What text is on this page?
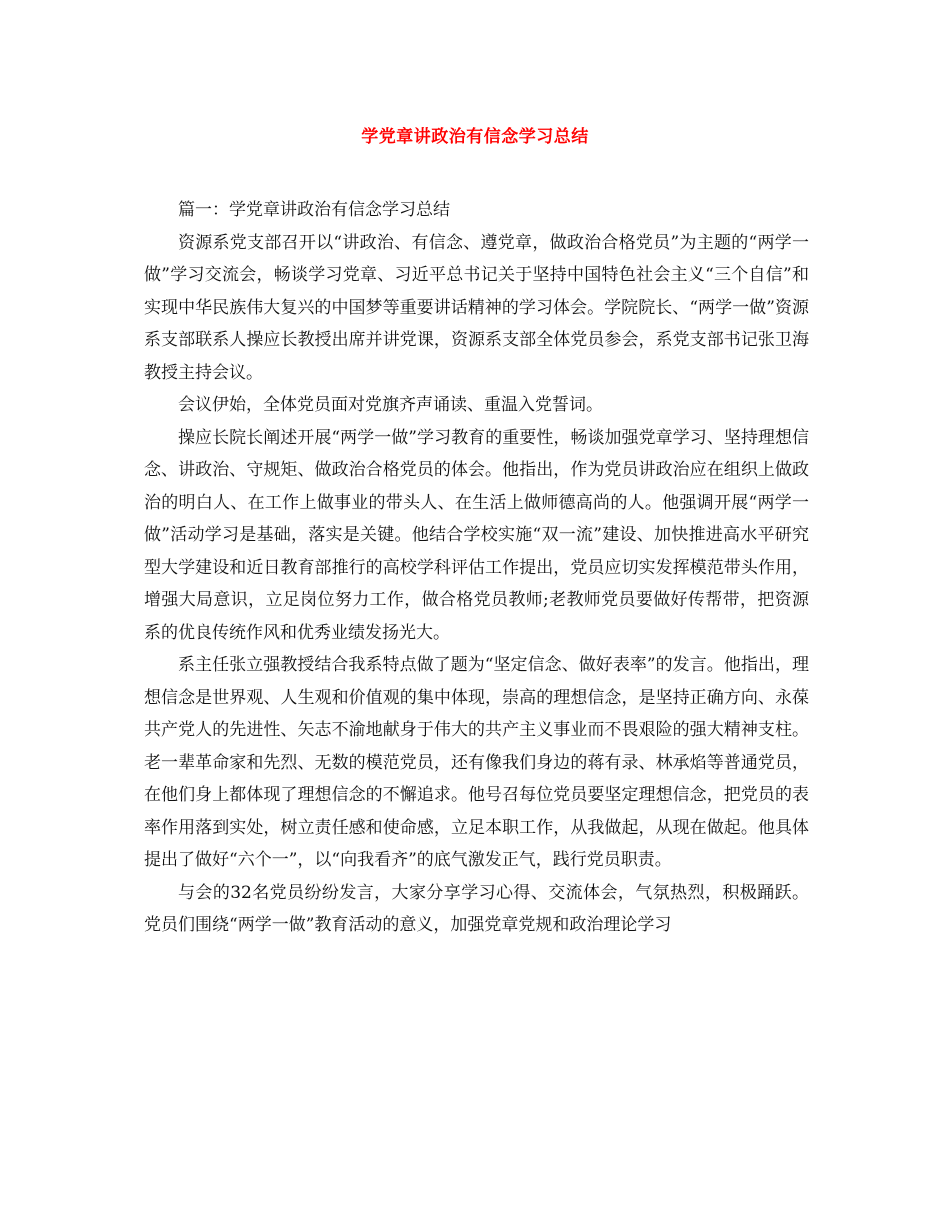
学党章讲政治有信念学习总结

篇一：学党章讲政治有信念学习总结

资源系党支部召开以“讲政治、有信念、遵党章，做政治合格党员”为主题的“两学一做”学习交流会，畅谈学习党章、习近平总书记关于坚持中国特色社会主义“三个自信”和实现中华民族伟大复兴的中国梦等重要讲话精神的学习体会。学院院长、“两学一做”资源系支部联系人操应长教授出席并讲党课，资源系支部全体党员参会，系党支部书记张卫海教授主持会议。

会议伊始，全体党员面对党旗齐声诵读、重温入党誓词。

操应长院长阐述开展“两学一做”学习教育的重要性，畅谈加强党章学习、坚持理想信念、讲政治、守规矩、做政治合格党员的体会。他指出，作为党员讲政治应在组织上做政治的明白人、在工作上做事业的带头人、在生活上做师德高尚的人。他强调开展“两学一做”活动学习是基础，落实是关键。他结合学校实施“双一流”建设、加快推进高水平研究型大学建设和近日教育部推行的高校学科评估工作提出，党员应切实发挥模范带头作用，增强大局意识，立足岗位努力工作，做合格党员教师;老教师党员要做好传帮带，把资源系的优良传统作风和优秀业绩发扬光大。

系主任张立强教授结合我系特点做了题为“坚定信念、做好表率”的发言。他指出，理想信念是世界观、人生观和价值观的集中体现，崇高的理想信念，是坚持正确方向、永葆共产党人的先进性、矢志不渝地献身于伟大的共产主义事业而不畏艰险的强大精神支柱。老一辈革命家和先烈、无数的模范党员，还有像我们身边的蒋有录、林承焰等普通党员，在他们身上都体现了理想信念的不懈追求。他号召每位党员要坚定理想信念，把党员的表率作用落到实处，树立责任感和使命感，立足本职工作，从我做起，从现在做起。他具体提出了做好“六个一”，以“向我看齐”的底气激发正气，践行党员职责。

与会的32名党员纷纷发言，大家分享学习心得、交流体会，气氛热烈，积极踊跃。党员们围绕“两学一做”教育活动的意义，加强党章党规和政治理论学习
